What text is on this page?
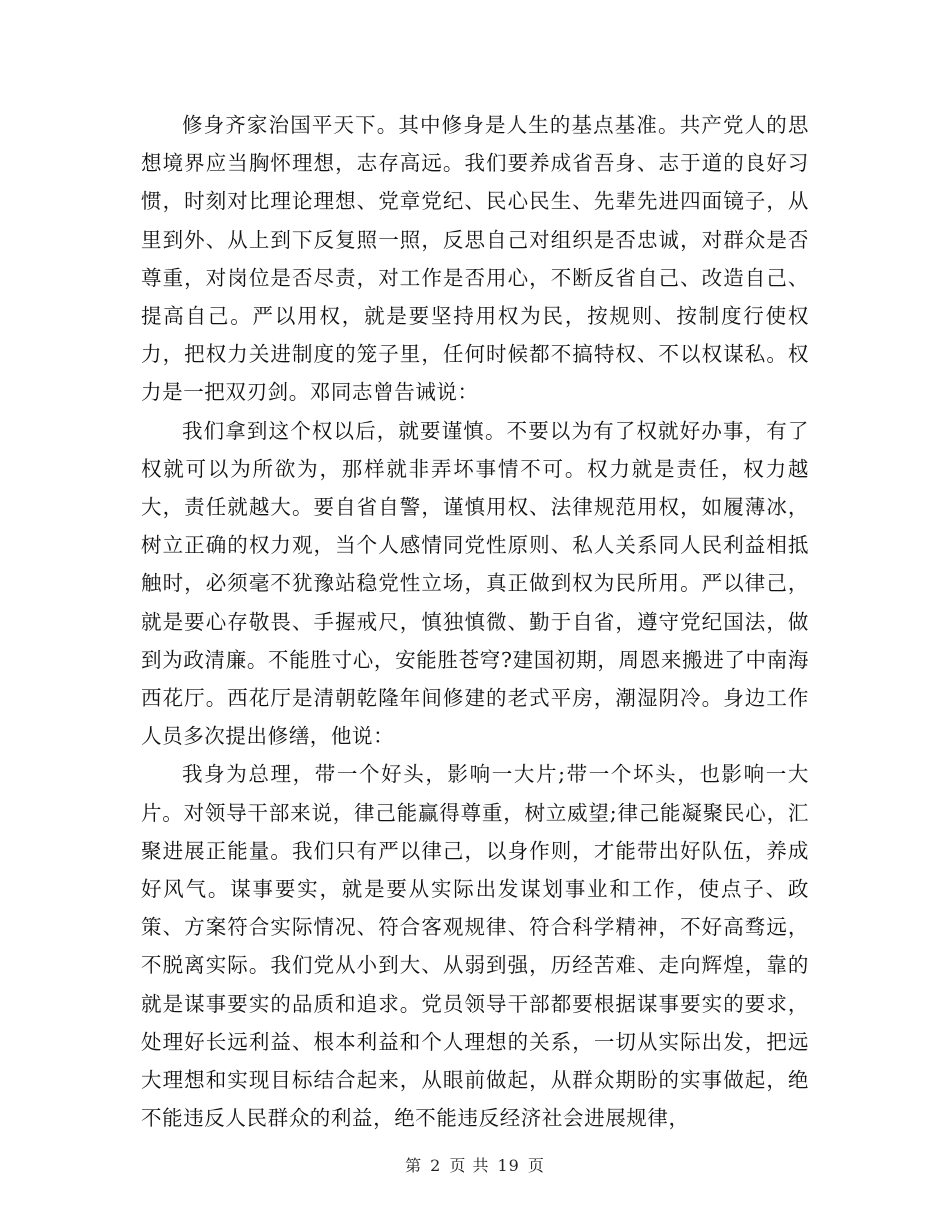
修身齐家治国平天下。其中修身是人生的基点基准。共产党人的思想境界应当胸怀理想，志存高远。我们要养成省吾身、志于道的良好习惯，时刻对比理论理想、党章党纪、民心民生、先辈先进四面镜子，从里到外、从上到下反复照一照，反思自己对组织是否忠诚，对群众是否尊重，对岗位是否尽责，对工作是否用心，不断反省自己、改造自己、提高自己。严以用权，就是要坚持用权为民，按规则、按制度行使权力，把权力关进制度的笼子里，任何时候都不搞特权、不以权谋私。权力是一把双刃剑。邓同志曾告诫说：

我们拿到这个权以后，就要谨慎。不要以为有了权就好办事，有了权就可以为所欲为，那样就非弄坏事情不可。权力就是责任，权力越大，责任就越大。要自省自警，谨慎用权、法律规范用权，如履薄冰，树立正确的权力观，当个人感情同党性原则、私人关系同人民利益相抵触时，必须毫不犹豫站稳党性立场，真正做到权为民所用。严以律己，就是要心存敬畏、手握戒尺，慎独慎微、勤于自省，遵守党纪国法，做到为政清廉。不能胜寸心，安能胜苍穹?建国初期，周恩来搬进了中南海西花厅。西花厅是清朝乾隆年间修建的老式平房，潮湿阴冷。身边工作人员多次提出修缮，他说：

我身为总理，带一个好头，影响一大片;带一个坏头，也影响一大片。对领导干部来说，律己能赢得尊重，树立威望;律己能凝聚民心，汇聚进展正能量。我们只有严以律己，以身作则，才能带出好队伍，养成好风气。谋事要实，就是要从实际出发谋划事业和工作，使点子、政策、方案符合实际情况、符合客观规律、符合科学精神，不好高骛远，不脱离实际。我们党从小到大、从弱到强，历经苦难、走向辉煌，靠的就是谋事要实的品质和追求。党员领导干部都要根据谋事要实的要求，处理好长远利益、根本利益和个人理想的关系，一切从实际出发，把远大理想和实现目标结合起来，从眼前做起，从群众期盼的实事做起，绝不能违反人民群众的利益，绝不能违反经济社会进展规律，

第 2 页 共 19 页
